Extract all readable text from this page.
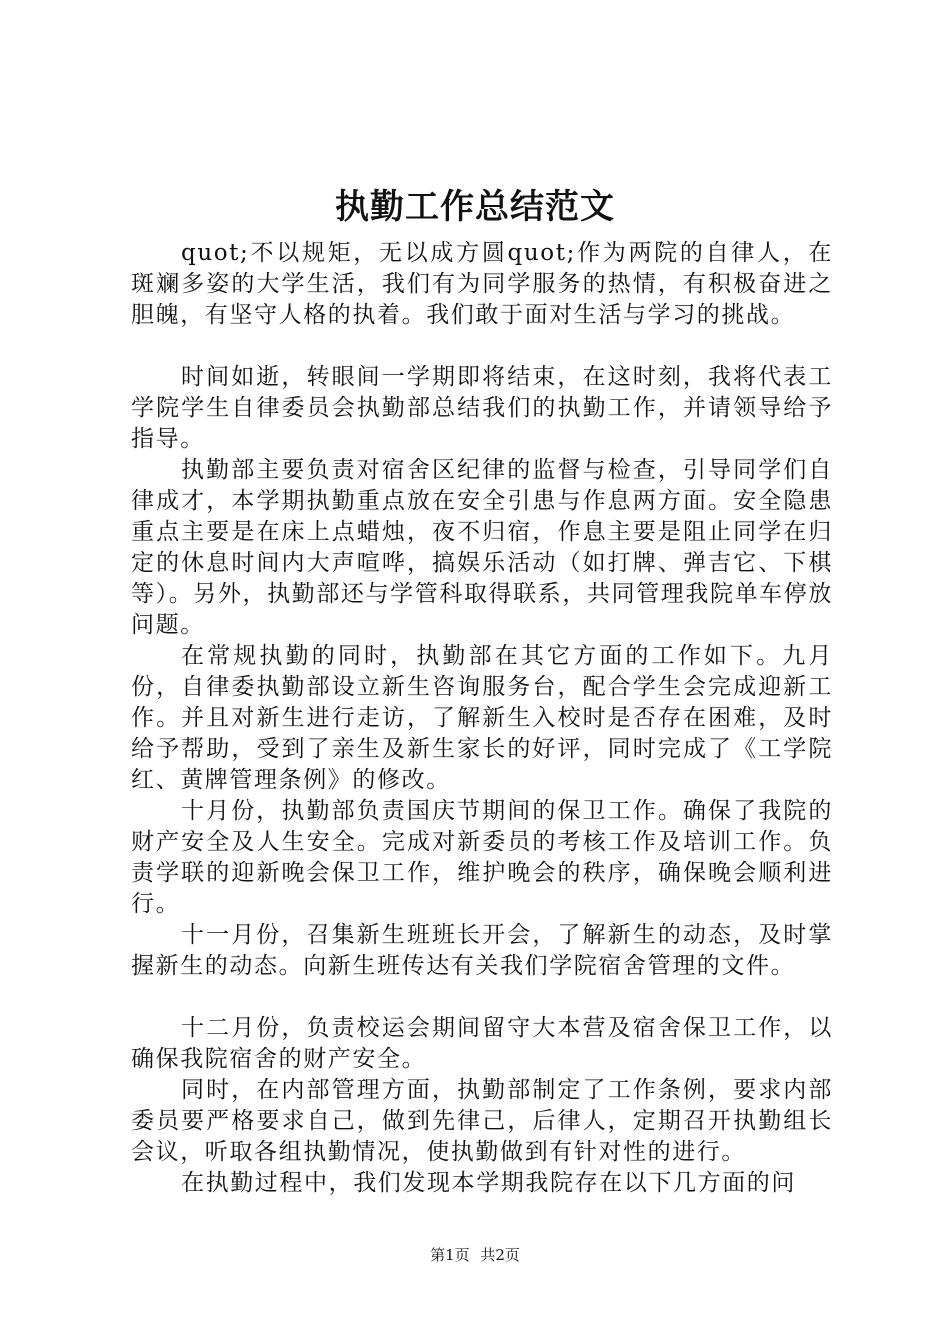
执勤工作总结范文

quot;不以规矩，无以成方圆quot;作为两院的自律人，在斑斓多姿的大学生活，我们有为同学服务的热情，有积极奋进之胆魄，有坚守人格的执着。我们敢于面对生活与学习的挑战。

时间如逝，转眼间一学期即将结束，在这时刻，我将代表工学院学生自律委员会执勤部总结我们的执勤工作，并请领导给予指导。

执勤部主要负责对宿舍区纪律的监督与检查，引导同学们自律成才，本学期执勤重点放在安全引患与作息两方面。安全隐患重点主要是在床上点蜡烛，夜不归宿，作息主要是阻止同学在归定的休息时间内大声喧哗，搞娱乐活动（如打牌、弹吉它、下棋等）。另外，执勤部还与学管科取得联系，共同管理我院单车停放问题。

在常规执勤的同时，执勤部在其它方面的工作如下。九月份，自律委执勤部设立新生咨询服务台，配合学生会完成迎新工作。并且对新生进行走访，了解新生入校时是否存在困难，及时给予帮助，受到了亲生及新生家长的好评，同时完成了《工学院红、黄牌管理条例》的修改。

十月份，执勤部负责国庆节期间的保卫工作。确保了我院的财产安全及人生安全。完成对新委员的考核工作及培训工作。负责学联的迎新晚会保卫工作，维护晚会的秩序，确保晚会顺利进行。

十一月份，召集新生班班长开会，了解新生的动态，及时掌握新生的动态。向新生班传达有关我们学院宿舍管理的文件。

十二月份，负责校运会期间留守大本营及宿舍保卫工作，以确保我院宿舍的财产安全。

同时，在内部管理方面，执勤部制定了工作条例，要求内部委员要严格要求自己，做到先律己，后律人，定期召开执勤组长会议，听取各组执勤情况，使执勤做到有针对性的进行。

在执勤过程中，我们发现本学期我院存在以下几方面的问

第1页 共2页
